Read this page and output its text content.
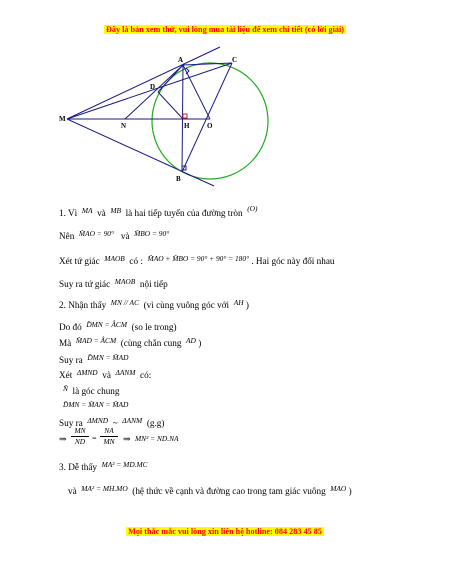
Đây là bản xem thử, vui lòng mua tài liệu để xem chi tiết (có lời giải)
A	C
D
M
N	H	O
B
1. Vì $^{MA}$ và $^{MB}$ là hai tiếp tuyến của đường tròn $^{(O)}$
Nên $^{M̂AO = 90^\circ}$ và $^{M̂BO = 90^\circ}$
Xét tứ giác $^{MAOB}$ có : $^{M̂AO + M̂BO = 90^\circ + 90^\circ = 180^\circ}$ . Hai góc này đối nhau
Suy ra tứ giác $^{MAOB}$ nội tiếp
2. Nhận thấy $^{MN // AC}$ (vì cùng vuông góc với $^{AH}$ )
Do đó $^{D̂MN = ÂCM}$ (so le trong)
Mà $^{M̂AD = ÂCM}$ (cùng chắn cung $^{AD}$ )
Suy ra $^{D̂MN = M̂AD}$
Xét $^{\Delta MND}$ và $^{\Delta ANM}$ có:
$^{N̂}$ là góc chung
$^{D̂MN = M̂AN = M̂AD}$
Suy ra $^{\Delta MND}$ ~ $^{\Delta ANM}$ (g.g)
⇒
MN
ND =
NA
MN ⇒ MN² = ND.NA
3. Dễ thấy $^{MA^2 = MD.MC}$
và $^{MA^2 = MH.MO}$ (hệ thức về cạnh và đường cao trong tam giác vuông $^{MAO}$ )
Mọi thắc mắc vui lòng xin liên hệ hotline: 084 283 45 85
